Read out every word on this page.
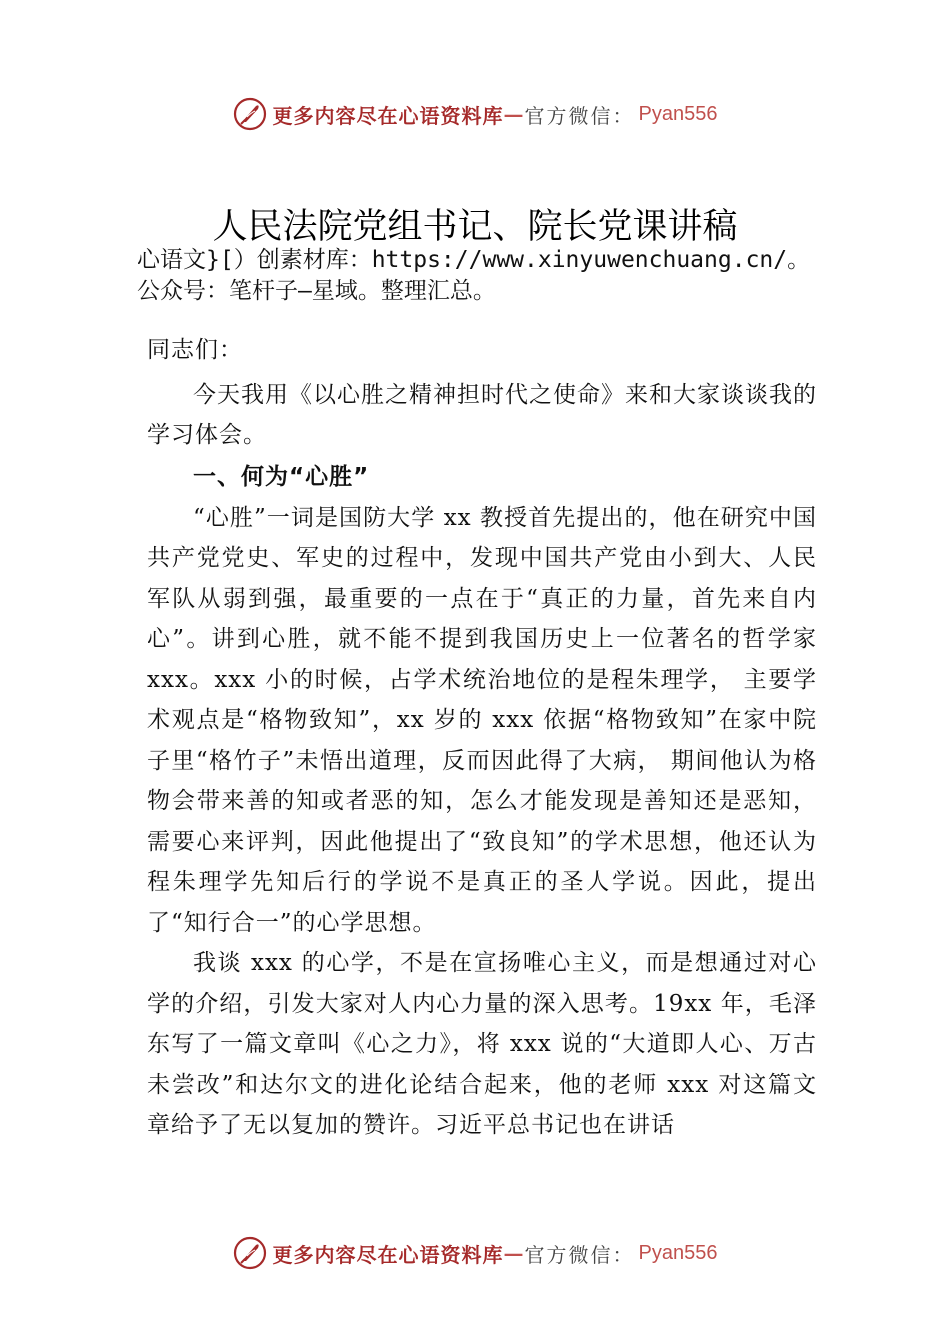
更多内容尽在心语资料库 — 官方微信： Pyan556
人民法院党组书记、院长党课讲稿
心语文}[）创素材库：https://www.xinyuwenchuang.cn/。公众号：笔杆子—星域。整理汇总。

同志们：

今天我用《以心胜之精神担时代之使命》来和大家谈谈我的学习体会。

一、何为“心胜”

“心胜”一词是国防大学 xx 教授首先提出的，他在研究中国共产党党史、军史的过程中，发现中国共产党由小到大、人民军队从弱到强，最重要的一点在于“真正的力量，首先来自内心”。讲到心胜，就不能不提到我国历史上一位著名的哲学家 xxx。xxx 小的时候，占学术统治地位的是程朱理学， 主要学术观点是“格物致知”，xx 岁的 xxx 依据“格物致知”在家中院子里“格竹子”未悟出道理，反而因此得了大病， 期间他认为格物会带来善的知或者恶的知，怎么才能发现是善知还是恶知，需要心来评判，因此他提出了“致良知”的学术思想，他还认为程朱理学先知后行的学说不是真正的圣人学说。因此，提出了“知行合一”的心学思想。

我谈 xxx 的心学，不是在宣扬唯心主义，而是想通过对心学的介绍，引发大家对人内心力量的深入思考。19xx 年，毛泽东写了一篇文章叫《心之力》，将 xxx 说的“大道即人心、万古未尝改”和达尔文的进化论结合起来，他的老师 xxx 对这篇文章给予了无以复加的赞许。习近平总书记也在讲话

更多内容尽在心语资料库 — 官方微信： Pyan556
